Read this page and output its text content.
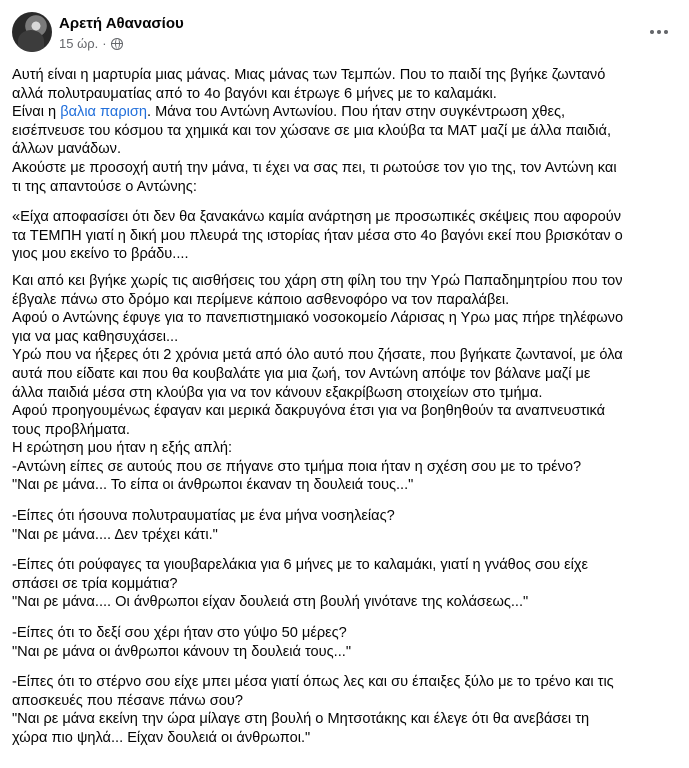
Αρετή Αθανασίου
15 ώρ. ·
Αυτή είναι η μαρτυρία μιας μάνας. Μιας μάνας των Τεμπών. Που το παιδί της βγήκε ζωντανό
αλλά πολυτραυματίας από το 4ο βαγόνι και έτρωγε 6 μήνες με το καλαμάκι.
Είναι η βαλια παριση. Μάνα του Αντώνη Αντωνίου. Που ήταν στην συγκέντρωση χθες,
εισέπνευσε του κόσμου τα χημικά και τον χώσανε σε μια κλούβα τα ΜΑΤ μαζί με άλλα παιδιά,
άλλων μανάδων.
Ακούστε με προσοχή αυτή την μάνα, τι έχει να σας πει, τι ρωτούσε τον γιο της, τον Αντώνη και
τι της απαντούσε ο Αντώνης:
«Είχα αποφασίσει ότι δεν θα ξανακάνω καμία ανάρτηση με προσωπικές σκέψεις που αφορούν
τα ΤΕΜΠΗ γιατί η δική μου πλευρά της ιστορίας ήταν μέσα στο 4ο βαγόνι εκεί που βρισκόταν ο
γιος μου εκείνο το βράδυ....
Και από κει βγήκε χωρίς τις αισθήσεις του χάρη στη φίλη του την Υρώ Παπαδημητρίου που τον
έβγαλε πάνω στο δρόμο και περίμενε κάποιο ασθενοφόρο να τον παραλάβει.
Αφού ο Αντώνης έφυγε για το πανεπιστημιακό νοσοκομείο Λάρισας η Υρω μας πήρε τηλέφωνο
για να μας καθησυχάσει...
Υρώ που να ήξερες ότι 2 χρόνια μετά από όλο αυτό που ζήσατε, που βγήκατε ζωντανοί, με όλα
αυτά που είδατε και που θα κουβαλάτε για μια ζωή, τον Αντώνη απόψε τον βάλανε μαζί με
άλλα παιδιά μέσα στη κλούβα για να τον κάνουν εξακρίβωση στοιχείων στο τμήμα.
Αφού προηγουμένως έφαγαν και μερικά δακρυγόνα έτσι για να βοηθηθούν τα αναπνευστικά
τους προβλήματα.
Η ερώτηση μου ήταν η εξής απλή:
-Αντώνη είπες σε αυτούς που σε πήγανε στο τμήμα ποια ήταν η σχέση σου με το τρένο?
"Ναι ρε μάνα... Το είπα οι άνθρωποι έκαναν τη δουλειά τους..."
-Είπες ότι ήσουνα πολυτραυματίας με ένα μήνα νοσηλείας?
"Ναι ρε μάνα.... Δεν τρέχει κάτι."
-Είπες ότι ρούφαγες τα γιουβαρελάκια για 6 μήνες με το καλαμάκι, γιατί η γνάθος σου είχε
σπάσει σε τρία κομμάτια?
"Ναι ρε μάνα.... Οι άνθρωποι είχαν δουλειά στη βουλή γινότανε της κολάσεως..."
-Είπες ότι το δεξί σου χέρι ήταν στο γύψο 50 μέρες?
"Ναι ρε μάνα οι άνθρωποι κάνουν τη δουλειά τους..."
-Είπες ότι το στέρνο σου είχε μπει μέσα γιατί όπως λες και συ έπαιξες ξύλο με το τρένο και τις
αποσκευές που πέσανε πάνω σου?
"Ναι ρε μάνα εκείνη την ώρα μίλαγε στη βουλή ο Μητσοτάκης και έλεγε ότι θα ανεβάσει τη
χώρα πιο ψηλά... Είχαν δουλειά οι άνθρωποι."
